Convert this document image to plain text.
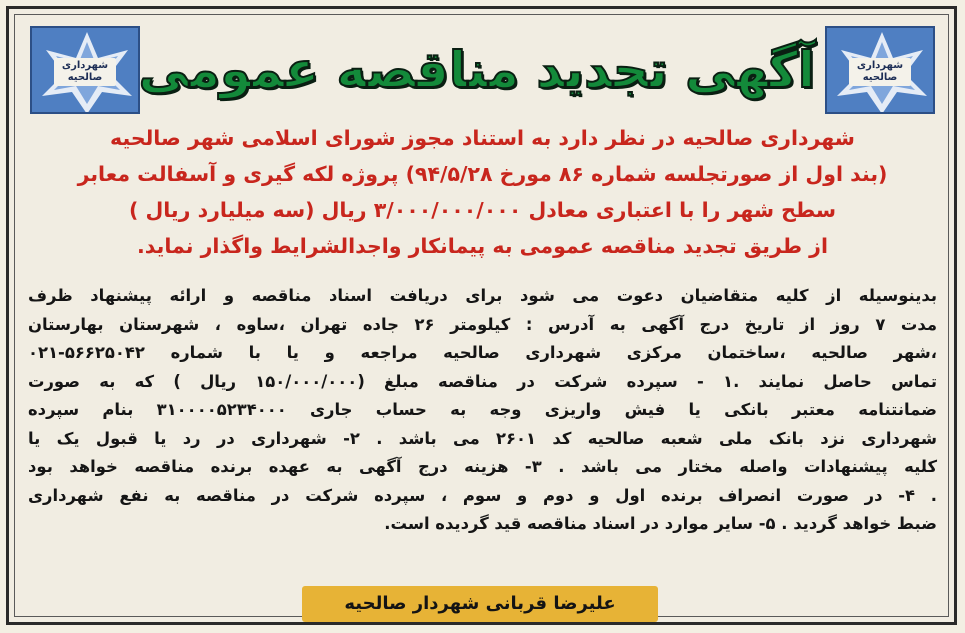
شهرداری
صالحیه
شهرداری
صالحیه
آگهی تجدید مناقصه عمومی
شهرداری صالحیه در نظر دارد به استناد مجوز شورای اسلامی شهر صالحیه
(بند اول از صورتجلسه شماره ۸۶ مورخ ۹۴/۵/۲۸) پروژه لکه گیری و آسفالت معابر
سطح شهر را با اعتباری معادل ۳/۰۰۰/۰۰۰/۰۰۰ ریال (سه میلیارد ریال )
از طریق تجدید مناقصه عمومی به پیمانکار واجدالشرایط واگذار نماید.
بدینوسیله از کلیه متقاضیان دعوت می شود برای دریافت اسناد مناقصه و ارائه پیشنهاد ظرف
مدت ۷ روز از تاریخ درج آگهی به آدرس : کیلومتر ۲۶ جاده تهران ،ساوه ، شهرستان بهارستان
،شهر صالحیه ،ساختمان مرکزی شهرداری صالحیه مراجعه و یا با شماره ۵۶۶۲۵۰۴۲-۰۲۱
تماس حاصل نمایند .۱ - سپرده شرکت در مناقصه مبلغ (۱۵۰/۰۰۰/۰۰۰ ریال ) که به صورت
ضمانتنامه معتبر بانکی یا فیش واریزی وجه به حساب جاری ۳۱۰۰۰۰۵۲۳۴۰۰۰ بنام سپرده
شهرداری نزد بانک ملی شعبه صالحیه کد ۲۶۰۱ می باشد . ۲- شهرداری در رد یا قبول یک یا
کلیه پیشنهادات واصله مختار می باشد . ۳- هزینه درج آگهی به عهده برنده مناقصه خواهد بود
. ۴- در صورت انصراف برنده اول و دوم و سوم ، سپرده شرکت در مناقصه به نفع شهرداری
ضبط خواهد گردید . ۵- سایر موارد در اسناد مناقصه قید گردیده است.
علیرضا قربانی شهردار صالحیه
